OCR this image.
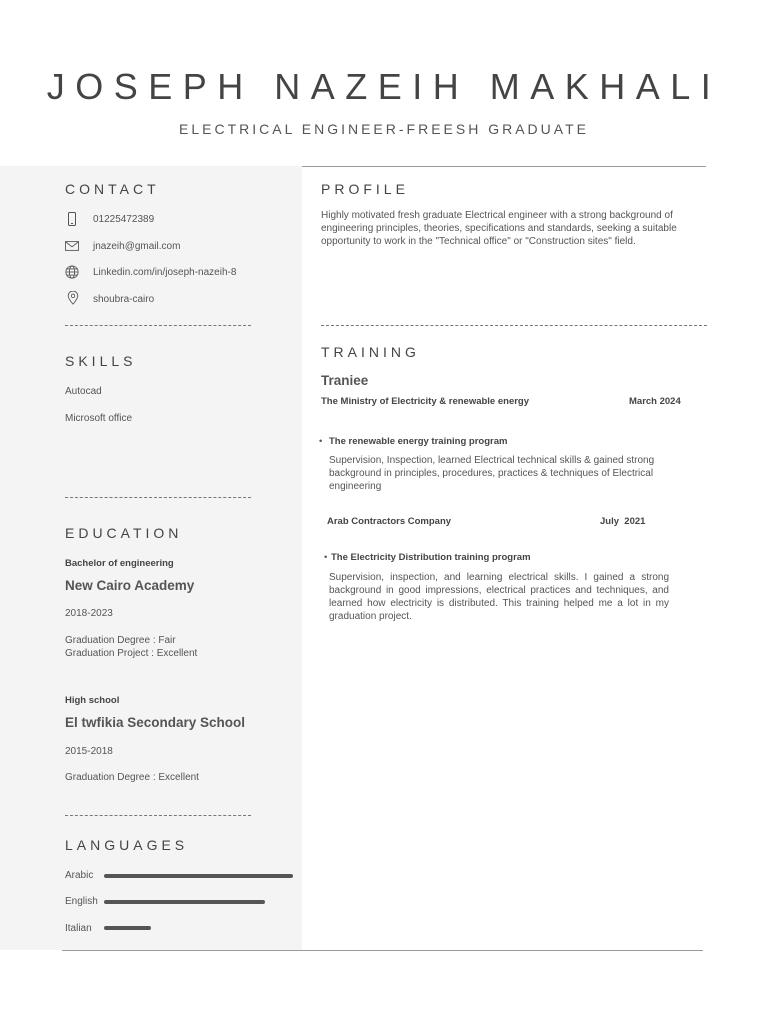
JOSEPH NAZEIH MAKHALI
ELECTRICAL ENGINEER-FREESH GRADUATE
CONTACT
01225472389
jnazeih@gmail.com
Linkedin.com/in/joseph-nazeih-8
shoubra-cairo
SKILLS
Autocad
Microsoft office
EDUCATION
Bachelor of engineering
New Cairo Academy
2018-2023
Graduation Degree : Fair
Graduation Project : Excellent
High school
El twfikia Secondary School
2015-2018
Graduation Degree : Excellent
LANGUAGES
Arabic
English
Italian
PROFILE
Highly motivated fresh graduate Electrical engineer with a strong background of engineering principles, theories, specifications and standards, seeking a suitable opportunity to work in the "Technical office" or "Construction sites" field.
TRAINING
Traniee
The Ministry of Electricity & renewable energy	March 2024
• The renewable energy training program
Supervision, Inspection, learned Electrical technical skills & gained strong background in principles, procedures, practices & techniques of Electrical engineering
Arab Contractors Company	July  2021
• The Electricity Distribution training program
Supervision, inspection, and learning electrical skills. I gained a strong background in good impressions, electrical practices and techniques, and learned how electricity is distributed. This training helped me a lot in my graduation project.
